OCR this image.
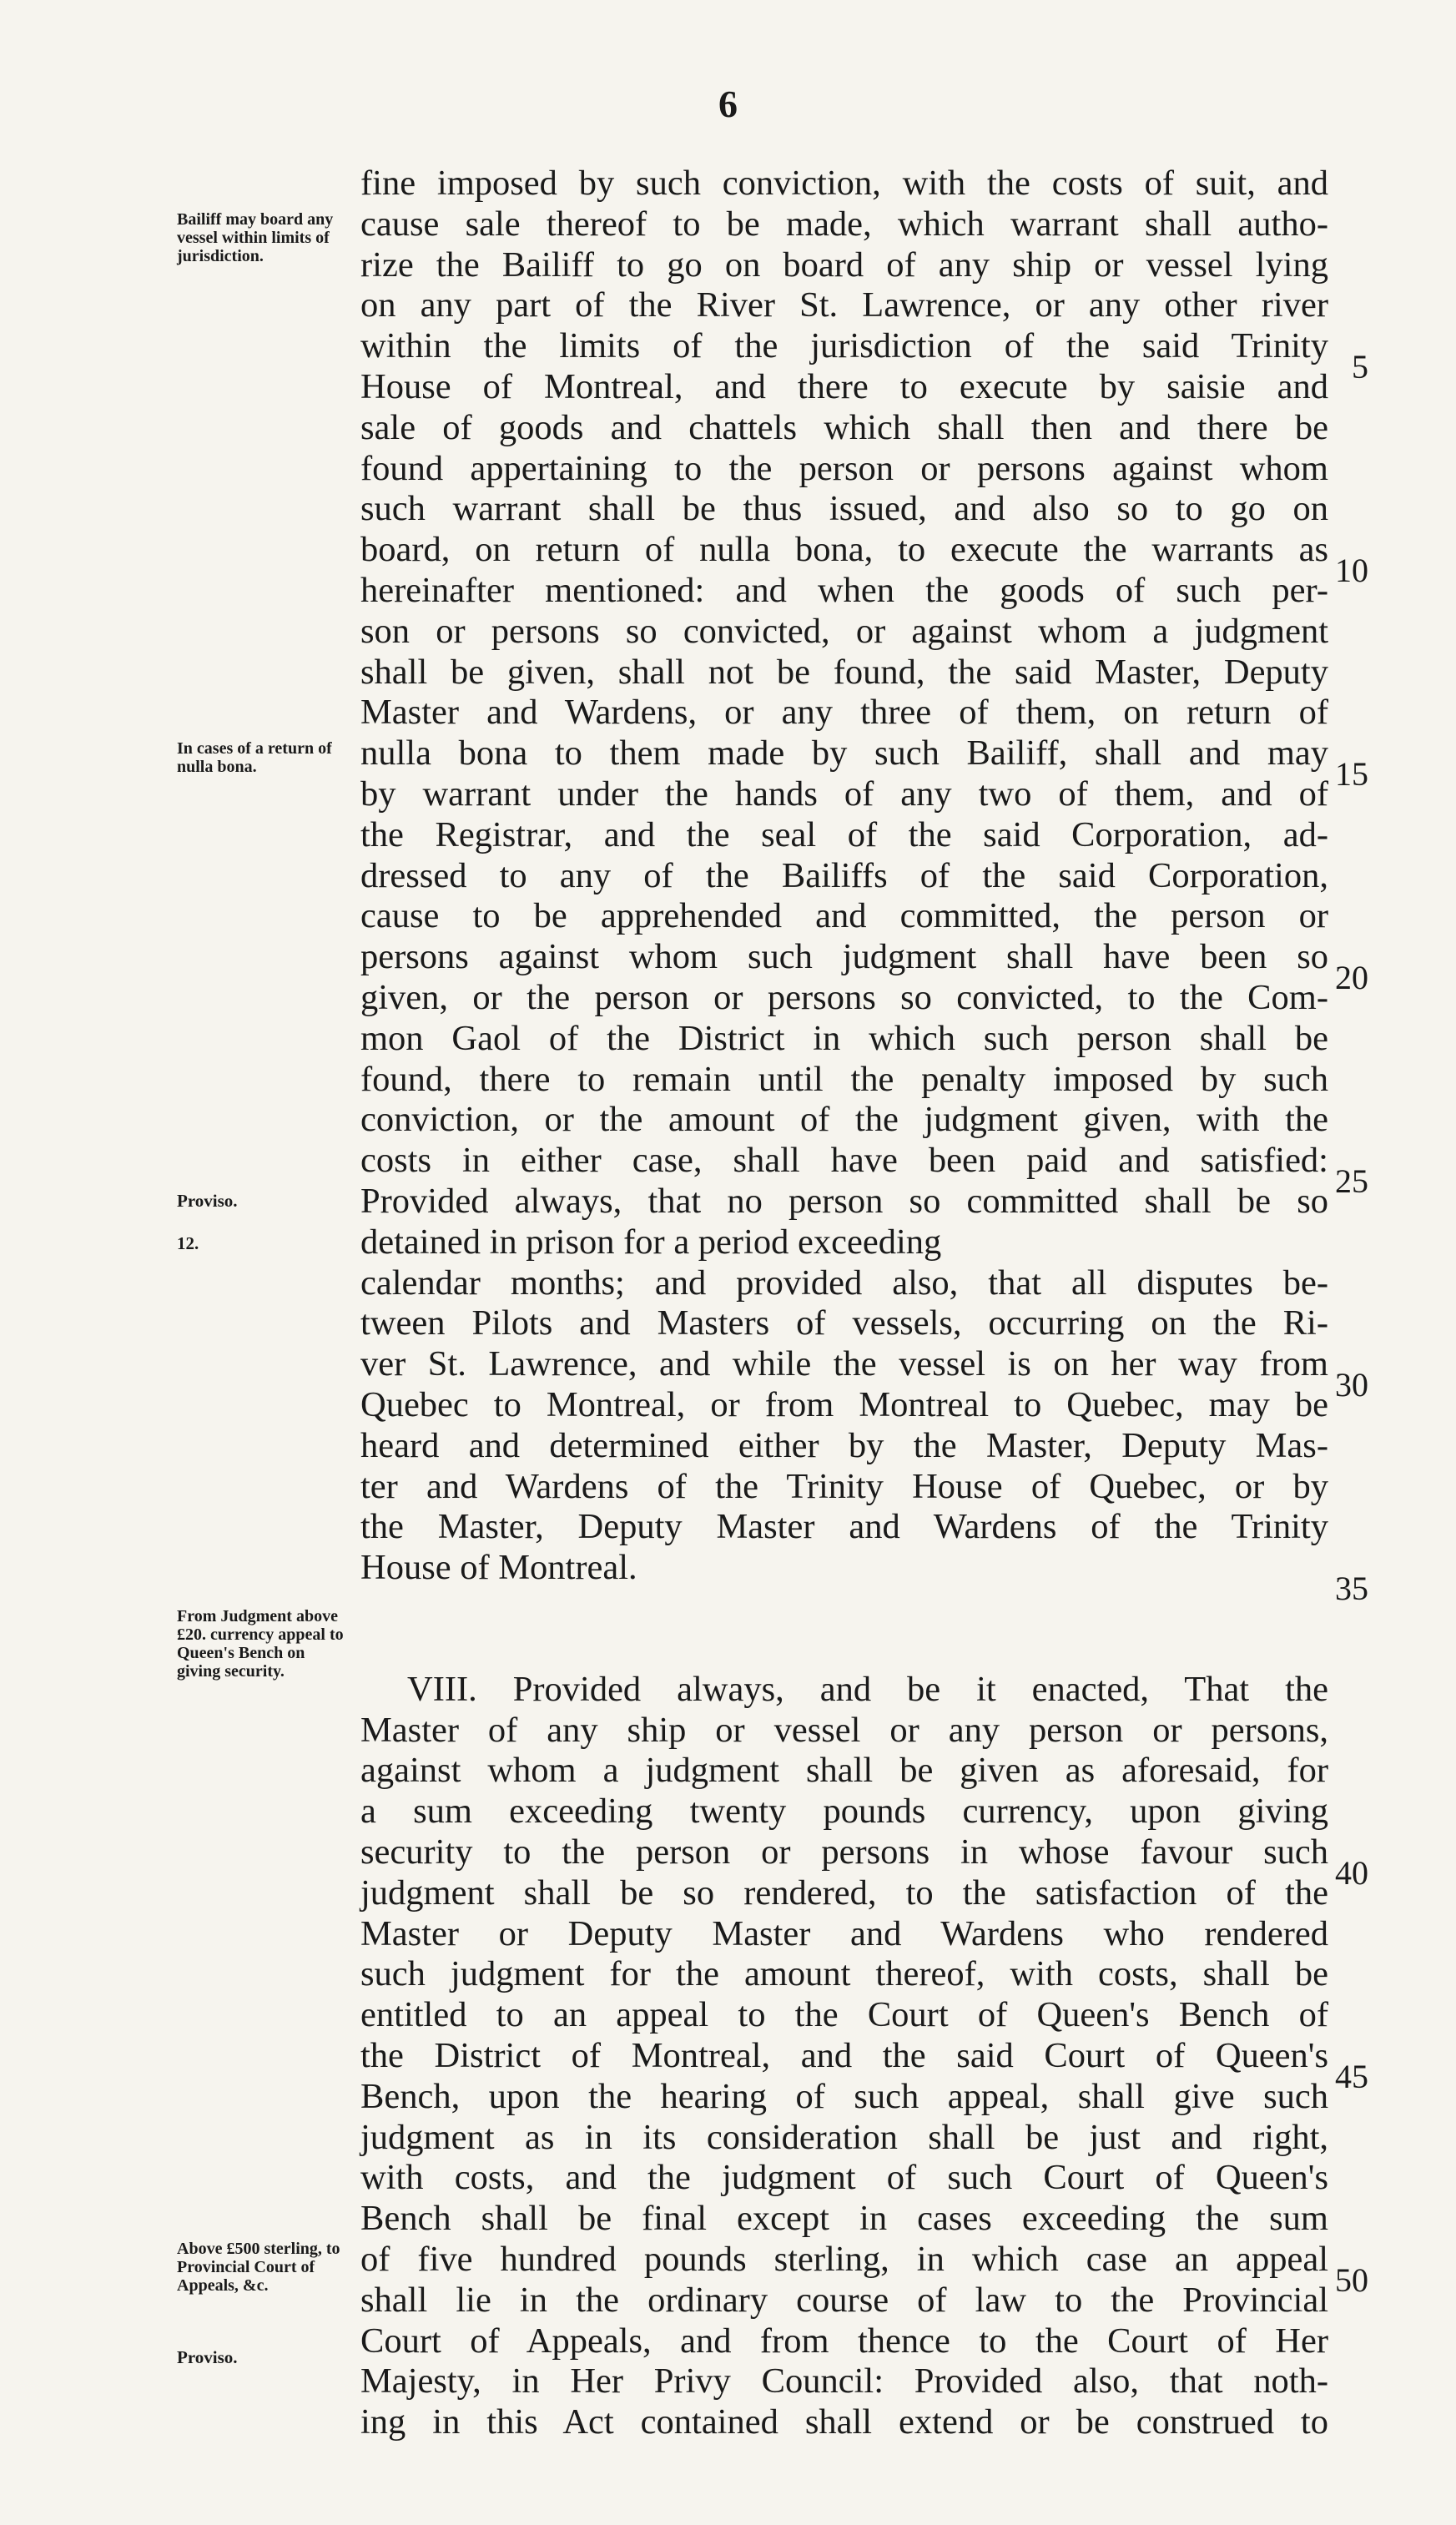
6
Bailiff may board any vessel within limits of jurisdiction.
In cases of a return of nulla bona.
Proviso.
12.
From Judgment above £20. currency appeal to Queen's Bench on giving security.
Above £500 sterling, to Provincial Court of Appeals, &c.
Proviso.
fine imposed by such conviction, with the costs of suit, and
cause sale thereof to be made, which warrant shall autho-
rize the Bailiff to go on board of any ship or vessel lying
on any part of the River St. Lawrence, or any other river
within the limits of the jurisdiction of the said Trinity
House of Montreal, and there to execute by saisie and
sale of goods and chattels which shall then and there be
found appertaining to the person or persons against whom
such warrant shall be thus issued, and also so to go on
board, on return of nulla bona, to execute the warrants as
hereinafter mentioned: and when the goods of such per-
son or persons so convicted, or against whom a judgment
shall be given, shall not be found, the said Master, Deputy
Master and Wardens, or any three of them, on return of
nulla bona to them made by such Bailiff, shall and may
by warrant under the hands of any two of them, and of
the Registrar, and the seal of the said Corporation, ad-
dressed to any of the Bailiffs of the said Corporation,
cause to be apprehended and committed, the person or
persons against whom such judgment shall have been so
given, or the person or persons so convicted, to the Com-
mon Gaol of the District in which such person shall be
found, there to remain until the penalty imposed by such
conviction, or the amount of the judgment given, with the
costs in either case, shall have been paid and satisfied:
Provided always, that no person so committed shall be so
detained in prison for a period exceeding
calendar months; and provided also, that all disputes be-
tween Pilots and Masters of vessels, occurring on the Ri-
ver St. Lawrence, and while the vessel is on her way from
Quebec to Montreal, or from Montreal to Quebec, may be
heard and determined either by the Master, Deputy Mas-
ter and Wardens of the Trinity House of Quebec, or by
the Master, Deputy Master and Wardens of the Trinity
House of Montreal.
VIII. Provided always, and be it enacted, That the
Master of any ship or vessel or any person or persons,
against whom a judgment shall be given as aforesaid, for
a sum exceeding twenty pounds currency, upon giving
security to the person or persons in whose favour such
judgment shall be so rendered, to the satisfaction of the
Master or Deputy Master and Wardens who rendered
such judgment for the amount thereof, with costs, shall be
entitled to an appeal to the Court of Queen's Bench of
the District of Montreal, and the said Court of Queen's
Bench, upon the hearing of such appeal, shall give such
judgment as in its consideration shall be just and right,
with costs, and the judgment of such Court of Queen's
Bench shall be final except in cases exceeding the sum
of five hundred pounds sterling, in which case an appeal
shall lie in the ordinary course of law to the Provincial
Court of Appeals, and from thence to the Court of Her
Majesty, in Her Privy Council: Provided also, that noth-
ing in this Act contained shall extend or be construed to
5
10
15
20
25
30
35
40
45
50
